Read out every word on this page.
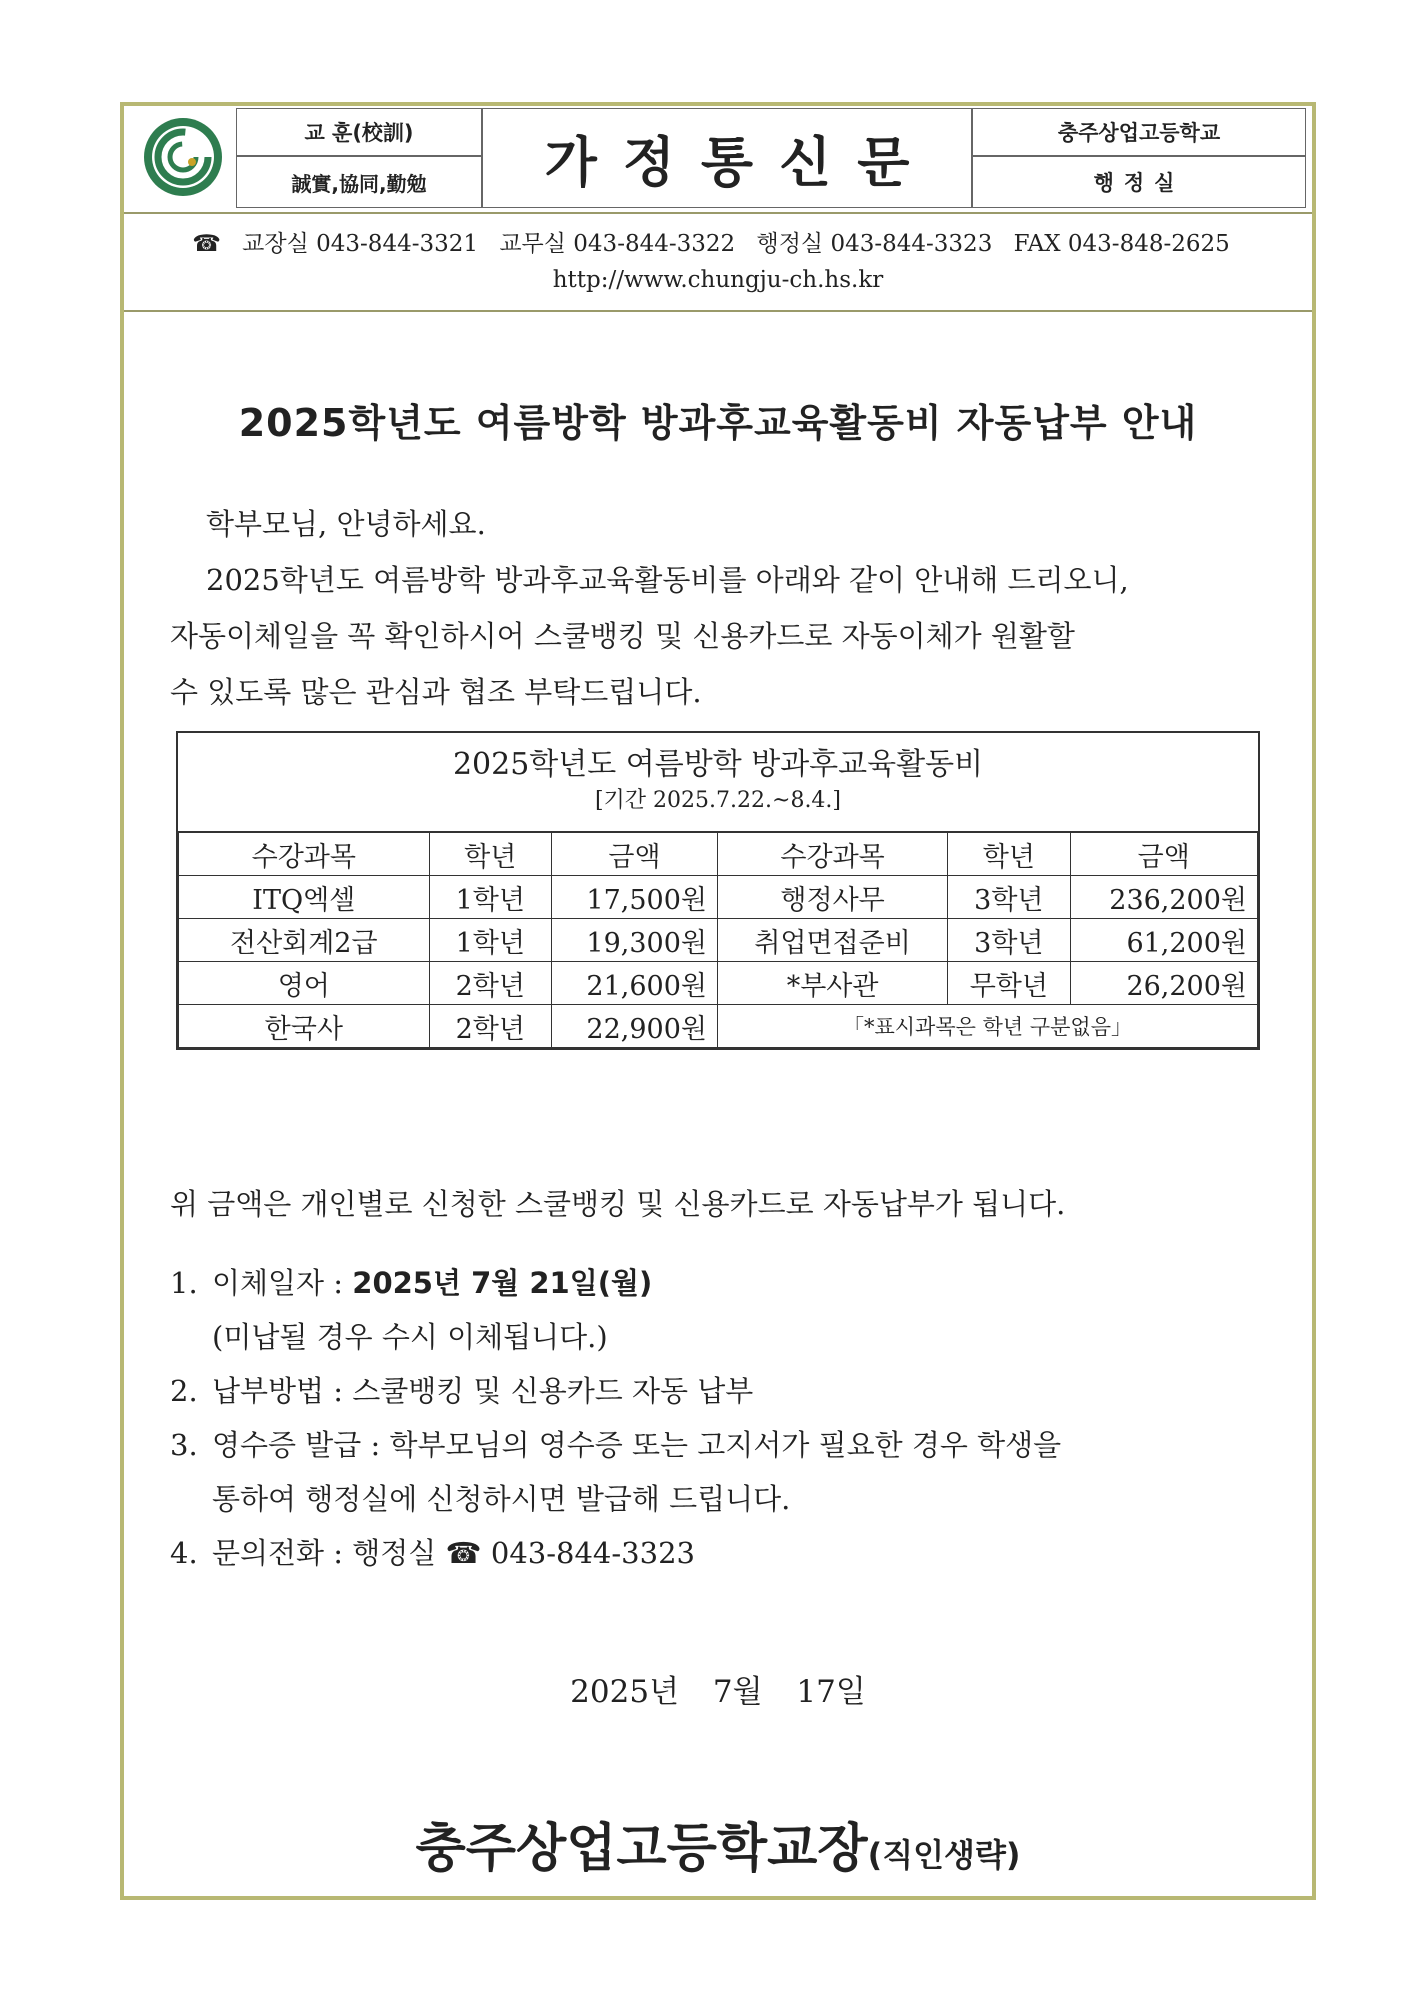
교 훈(校訓)
誠實,協同,勤勉	가정통신문	충주상업고등학교
행정실
☎ 교장실 043-844-3321 교무실 043-844-3322 행정실 043-844-3323 FAX 043-848-2625
http://www.chungju-ch.hs.kr
2025학년도 여름방학 방과후교육활동비 자동납부 안내
학부모님, 안녕하세요.
2025학년도 여름방학 방과후교육활동비를 아래와 같이 안내해 드리오니,
자동이체일을 꼭 확인하시어 스쿨뱅킹 및 신용카드로 자동이체가 원활할
수 있도록 많은 관심과 협조 부탁드립니다.
2025학년도 여름방학 방과후교육활동비
[기간 2025.7.22.~8.4.]
수강과목	학년	금액	수강과목	학년	금액
ITQ엑셀	1학년	17,500원	행정사무	3학년	236,200원
전산회계2급	1학년	19,300원	취업면접준비	3학년	61,200원
영어	2학년	21,600원	*부사관	무학년	26,200원
한국사	2학년	22,900원	「*표시과목은 학년 구분없음」		
위 금액은 개인별로 신청한 스쿨뱅킹 및 신용카드로 자동납부가 됩니다.
1. 이체일자 : 2025년 7월 21일(월)
(미납될 경우 수시 이체됩니다.)
2. 납부방법 : 스쿨뱅킹 및 신용카드 자동 납부
3. 영수증 발급 : 학부모님의 영수증 또는 고지서가 필요한 경우 학생을
통하여 행정실에 신청하시면 발급해 드립니다.
4. 문의전화 : 행정실 ☎ 043-844-3323
2025년 7월 17일
충주상업고등학교장(직인생략)
